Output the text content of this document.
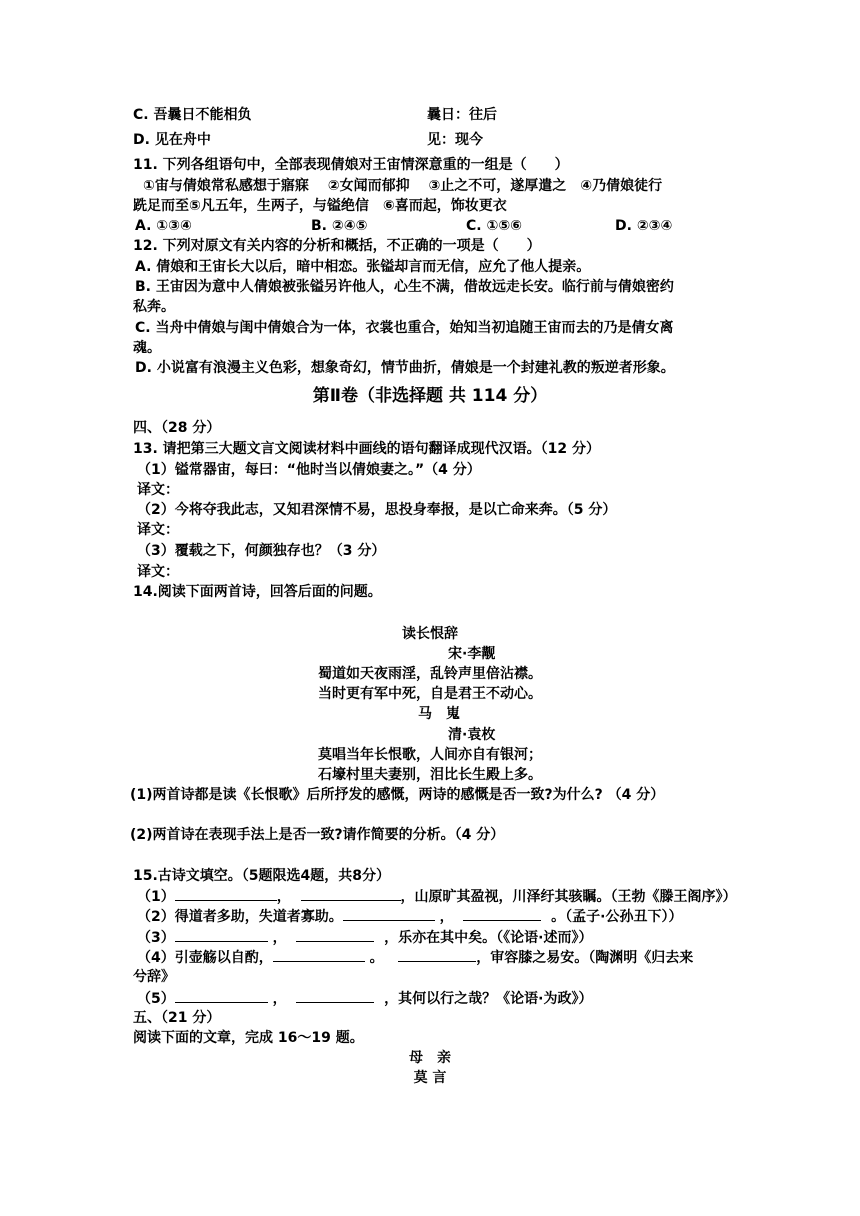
C. 吾曩日不能相负	曩日：往后
D. 见在舟中	见：现今
11. 下列各组语句中，全部表现倩娘对王宙情深意重的一组是（　　）
①宙与倩娘常私感想于寤寐　 ②女闻而郁抑　 ③止之不可，遂厚遣之　④乃倩娘徒行
跣足而至⑤凡五年，生两子，与镒绝信　⑥喜而起，饰妆更衣
A. ①③④	B. ②④⑤	C. ①⑤⑥	D. ②③④
12. 下列对原文有关内容的分析和概括，不正确的一项是（　　）
A. 倩娘和王宙长大以后，暗中相恋。张镒却言而无信，应允了他人提亲。
B. 王宙因为意中人倩娘被张镒另许他人，心生不满，借故远走长安。临行前与倩娘密约
私奔。
C. 当舟中倩娘与闺中倩娘合为一体，衣裳也重合，始知当初追随王宙而去的乃是倩女离
魂。
D. 小说富有浪漫主义色彩，想象奇幻，情节曲折，倩娘是一个封建礼教的叛逆者形象。
第Ⅱ卷（非选择题 共 114 分）
四、（28 分）
13. 请把第三大题文言文阅读材料中画线的语句翻译成现代汉语。（12 分）
（1）镒常器宙，每曰：“他时当以倩娘妻之。”（4 分）
译文：
（2）今将夺我此志，又知君深情不易，思投身奉报，是以亡命来奔。（5 分）
译文：
（3）覆载之下，何颜独存也？（3 分）
译文：
14.阅读下面两首诗，回答后面的问题。
读长恨辞
宋·李觏
蜀道如天夜雨淫，乱铃声里倍沾襟。
当时更有军中死，自是君王不动心。
马　嵬
清·袁枚
莫唱当年长恨歌，人间亦自有银河；
石壕村里夫妻别，泪比长生殿上多。
(1)两首诗都是读《长恨歌》后所抒发的感慨，两诗的感慨是否一致?为什么? （4 分）
(2)两首诗在表现手法上是否一致?请作简要的分析。（4 分）
15.古诗文填空。（5题限选4题，共8分）
（1）	，	，山原旷其盈视，川泽纡其骇瞩。（王勃《滕王阁序》）
（2）得道者多助，失道者寡助。	，	。（孟子·公孙丑下））
（3）	，	，乐亦在其中矣。（《论语·述而》）
（4）引壶觞以自酌，	。	，审容膝之易安。（陶渊明《归去来
兮辞》
（5）	，	，其何以行之哉？《论语·为政》）
五、（21 分）
阅读下面的文章，完成 16～19 题。
母　亲
莫 言
